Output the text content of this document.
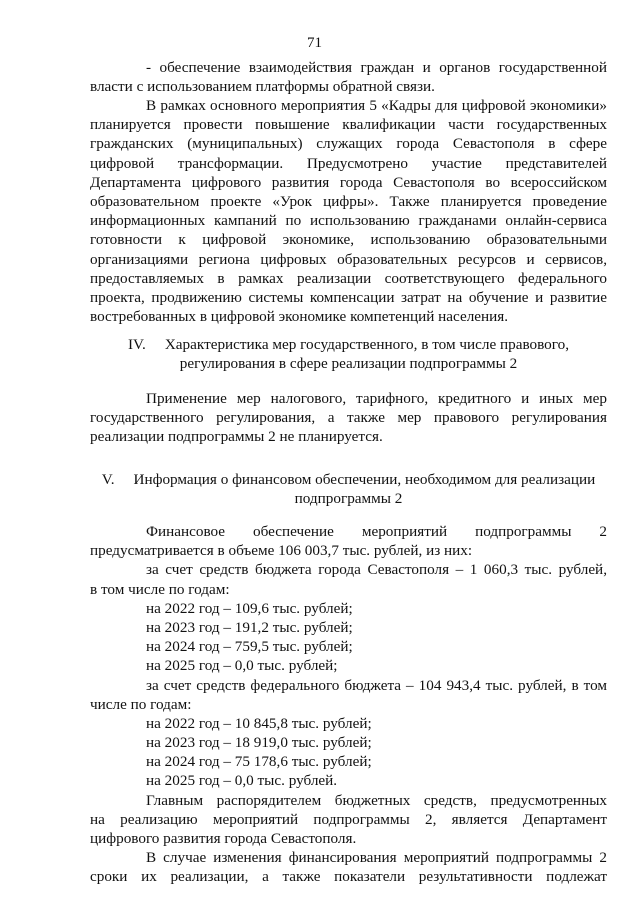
71
- обеспечение взаимодействия граждан и органов государственной
власти с использованием платформы обратной связи.
В рамках основного мероприятия 5 «Кадры для цифровой экономики»
планируется провести повышение квалификации части государственных
гражданских (муниципальных) служащих города Севастополя в сфере
цифровой трансформации. Предусмотрено участие представителей
Департамента цифрового развития города Севастополя во всероссийском
образовательном проекте «Урок цифры». Также планируется проведение
информационных кампаний по использованию гражданами онлайн-сервиса
готовности к цифровой экономике, использованию образовательными
организациями региона цифровых образовательных ресурсов и сервисов,
предоставляемых в рамках реализации соответствующего федерального
проекта, продвижению системы компенсации затрат на обучение и развитие
востребованных в цифровой экономике компетенций населения.
IV. Характеристика мер государственного, в том числе правового,
регулирования в сфере реализации подпрограммы 2
Применение мер налогового, тарифного, кредитного и иных мер
государственного регулирования, а также мер правового регулирования
реализации подпрограммы 2 не планируется.
V. Информация о финансовом обеспечении, необходимом для реализации
подпрограммы 2
Финансовое обеспечение мероприятий подпрограммы 2
предусматривается в объеме 106 003,7 тыс. рублей, из них:
за счет средств бюджета города Севастополя – 1 060,3 тыс. рублей,
в том числе по годам:
на 2022 год – 109,6 тыс. рублей;
на 2023 год – 191,2 тыс. рублей;
на 2024 год – 759,5 тыс. рублей;
на 2025 год – 0,0 тыс. рублей;
за счет средств федерального бюджета – 104 943,4 тыс. рублей, в том
числе по годам:
на 2022 год – 10 845,8 тыс. рублей;
на 2023 год – 18 919,0 тыс. рублей;
на 2024 год – 75 178,6 тыс. рублей;
на 2025 год – 0,0 тыс. рублей.
Главным распорядителем бюджетных средств, предусмотренных
на реализацию мероприятий подпрограммы 2, является Департамент
цифрового развития города Севастополя.
В случае изменения финансирования мероприятий подпрограммы 2
сроки их реализации, а также показатели результативности подлежат
